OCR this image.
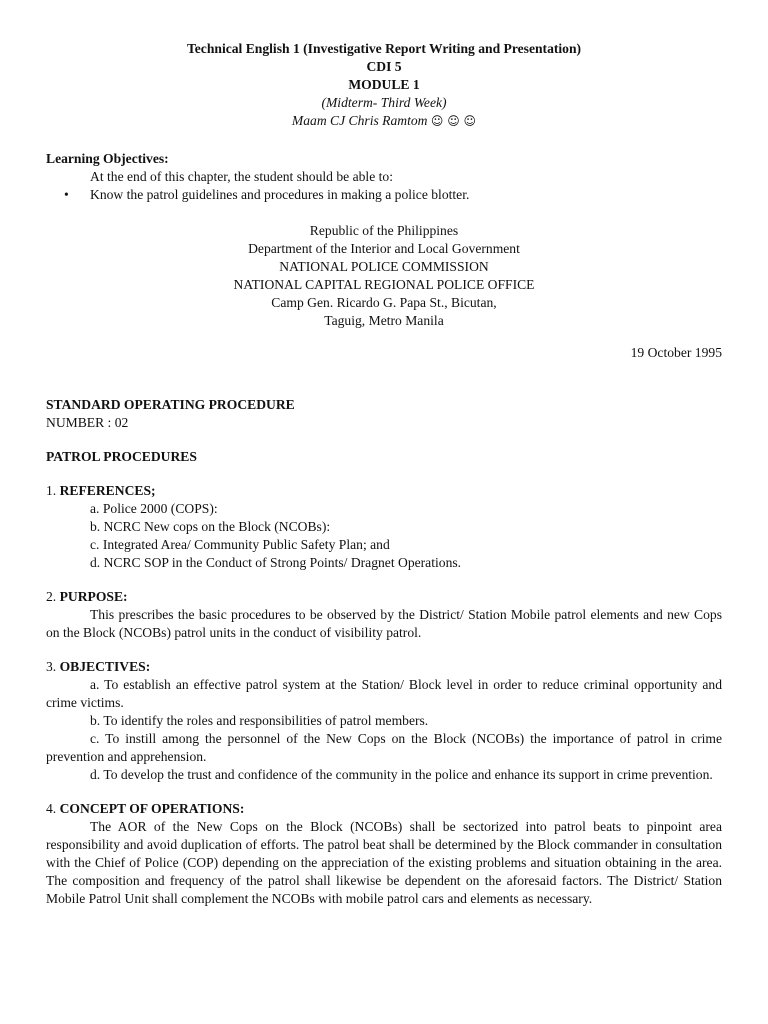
Technical English 1 (Investigative Report Writing and Presentation)
CDI 5
MODULE 1
(Midterm- Third Week)
Maam CJ Chris Ramtom ☺ ☺ ☺
Learning Objectives:
At the end of this chapter, the student should be able to:
•	Know the patrol guidelines and procedures in making a police blotter.
Republic of the Philippines
Department of the Interior and Local Government
NATIONAL POLICE COMMISSION
NATIONAL CAPITAL REGIONAL POLICE OFFICE
Camp Gen. Ricardo G. Papa St., Bicutan,
Taguig, Metro Manila
19 October 1995
STANDARD OPERATING PROCEDURE
NUMBER : 02
PATROL PROCEDURES
1. REFERENCES;
a. Police 2000 (COPS):
b. NCRC New cops on the Block (NCOBs):
c. Integrated Area/ Community Public Safety Plan; and
d. NCRC SOP in the Conduct of Strong Points/ Dragnet Operations.
2. PURPOSE:
This prescribes the basic procedures to be observed by the District/ Station Mobile patrol elements and new Cops on the Block (NCOBs) patrol units in the conduct of visibility patrol.
3. OBJECTIVES:
a. To establish an effective patrol system at the Station/ Block level in order to reduce criminal opportunity and crime victims.
b. To identify the roles and responsibilities of patrol members.
c. To instill among the personnel of the New Cops on the Block (NCOBs) the importance of patrol in crime prevention and apprehension.
d. To develop the trust and confidence of the community in the police and enhance its support in crime prevention.
4. CONCEPT OF OPERATIONS:
The AOR of the New Cops on the Block (NCOBs) shall be sectorized into patrol beats to pinpoint area responsibility and avoid duplication of efforts. The patrol beat shall be determined by the Block commander in consultation with the Chief of Police (COP) depending on the appreciation of the existing problems and situation obtaining in the area. The composition and frequency of the patrol shall likewise be dependent on the aforesaid factors. The District/ Station Mobile Patrol Unit shall complement the NCOBs with mobile patrol cars and elements as necessary.
